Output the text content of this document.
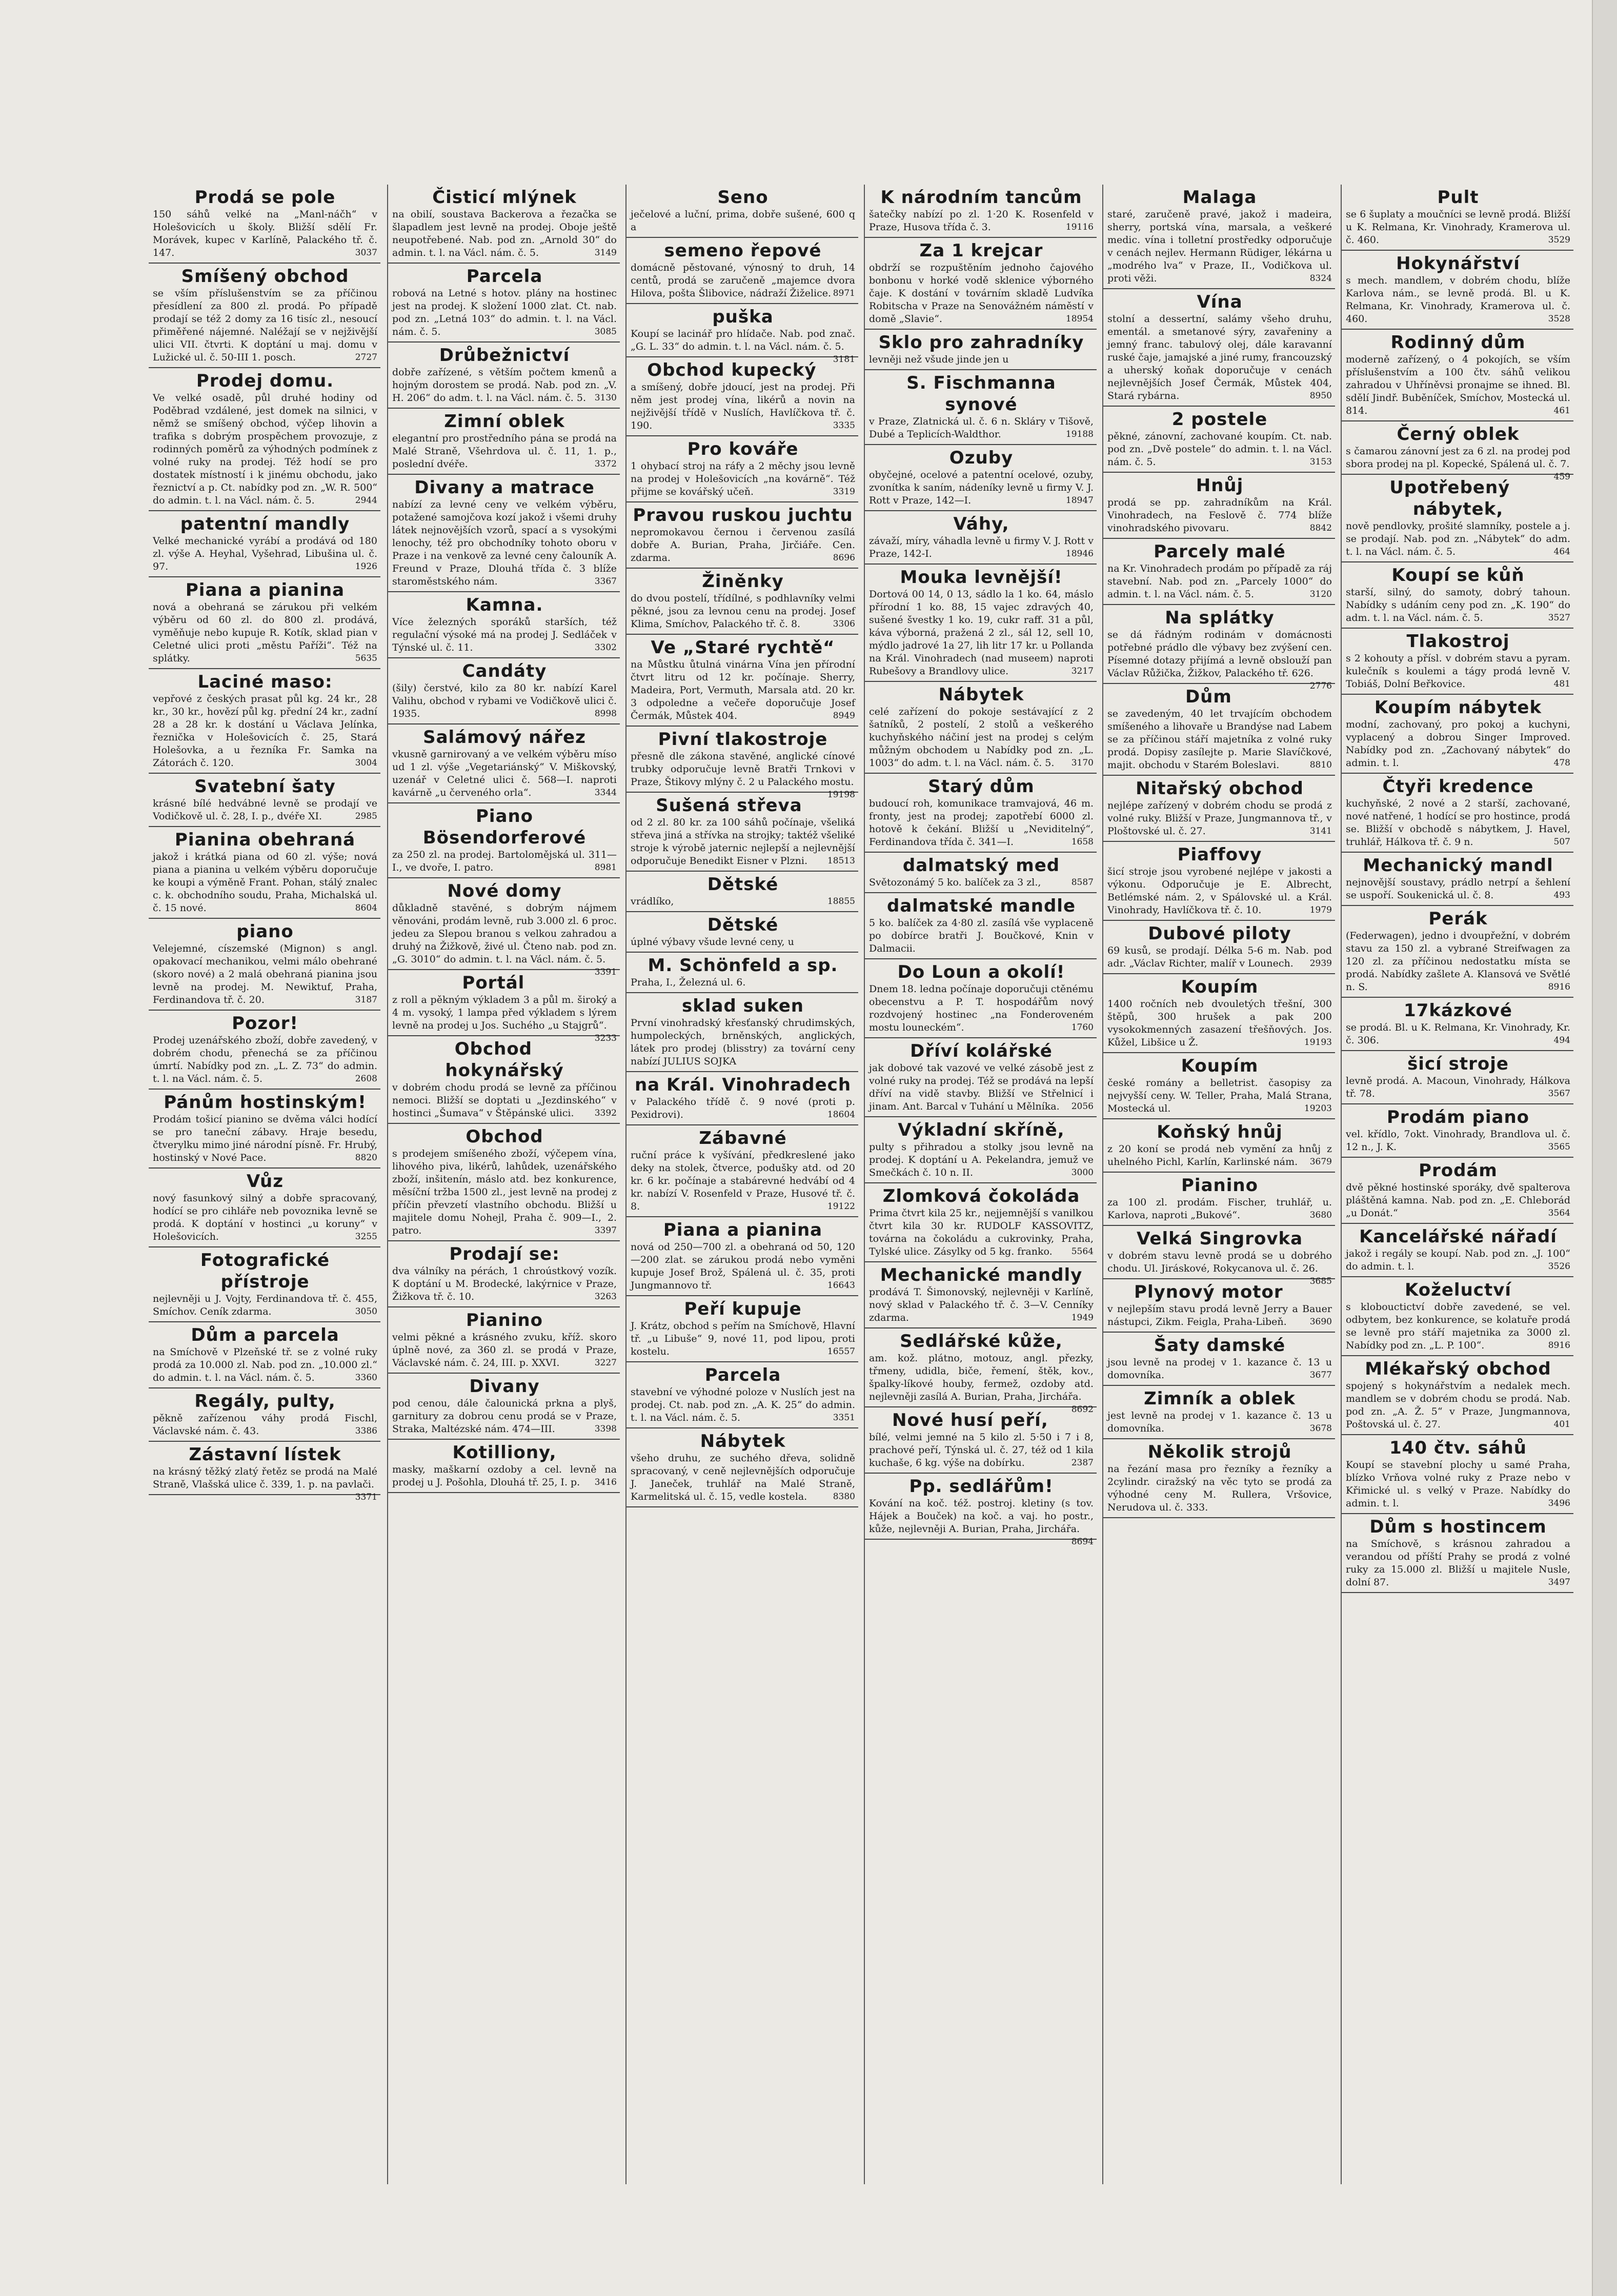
Prodá se pole

150 sáhů velké na „Manl-náčh“ v Holešovicích u školy. Bližší sdělí Fr. Morávek, kupec v Karlíně, Palackého tř. č. 147.	3037

Smíšený obchod

se vším příslušenstvím se za příčinou přesídlení za 800 zl. prodá. Po případě prodají se též 2 domy za 16 tisíc zl., nesoucí přiměřené nájemné. Naléžají se v nejživější ulici VII. čtvrti. K doptání u maj. domu v Lužické ul. č. 50-III 1. posch.	2727

Prodej domu.

Ve velké osadě, půl druhé hodiny od Poděbrad vzdálené, jest domek na silnici, v němž se smíšený obchod, výčep lihovin a trafika s dobrým prospěchem provozuje, z rodinných poměrů za výhodných podmínek z volné ruky na prodej. Též hodí se pro dostatek místností i k jinému obchodu, jako řeznictví a p. Ct. nabídky pod zn. „W. R. 500“ do admin. t. l. na Václ. nám. č. 5.	2944

patentní mandly

Velké mechanické vyrábí a prodává od 180 zl. výše A. Heyhal, Vyšehrad, Libušina ul. č. 97.	1926

Piana a pianina

nová a obehraná se zárukou při velkém výběru od 60 zl. do 800 zl. prodává, vyměňuje nebo kupuje R. Kotík, sklad pian v Celetné ulici proti „městu Paříži“. Též na splátky.	5635

Laciné maso:

vepřové z českých prasat půl kg. 24 kr., 28 kr., 30 kr., hovězí půl kg. přední 24 kr., zadní 28 a 28 kr. k dostání u Václava Jelínka, řeznička v Holešovicích č. 25, Stará Holešovka, a u řezníka Fr. Samka na Zátorách č. 120.	3004

Svatební šaty

krásné bílé hedvábné levně se prodají ve Vodičkově ul. č. 28, I. p., dvéře XI.	2985

Pianina obehraná

jakož i krátká piana od 60 zl. výše; nová piana a pianina u velkém výběru doporučuje ke koupi a výměně Frant. Pohan, stálý znalec c. k. obchodního soudu, Praha, Michalská ul. č. 15 nové.	8604

piano

Velejemné, císzemské (Mignon) s angl. opakovací mechanikou, velmi málo obehrané (skoro nové) a 2 malá obehraná pianina jsou levně na prodej. M. Newiktuf, Praha, Ferdinandova tř. č. 20.	3187

Pozor!

Prodej uzenářského zboží, dobře zavedený, v dobrém chodu, přenechá se za příčinou úmrtí. Nabídky pod zn. „L. Z. 73“ do admin. t. l. na Václ. nám. č. 5.	2608

Pánům hostinským!

Prodám tošicí pianino se dvěma válci hodící se pro taneční zábavy. Hraje besedu, čtverylku mimo jiné národní písně. Fr. Hrubý, hostinský v Nové Pace.	8820

Vůz

nový fasunkový silný a dobře spracovaný, hodící se pro cihláře neb povoznika levně se prodá. K doptání v hostinci „u koruny“ v Holešovicích.	3255

Fotografické přístroje

nejlevněji u J. Vojty, Ferdinandova tř. č. 455, Smíchov. Ceník zdarma.	3050

Dům a parcela

na Smíchově v Plzeňské tř. se z volné ruky prodá za 10.000 zl. Nab. pod zn. „10.000 zl.“ do admin. t. l. na Václ. nám. č. 5.	3360

Regály, pulty,

pěkně zařízenou váhy prodá Fischl, Václavské nám. č. 43.	3386

Zástavní lístek

na krásný těžký zlatý řetěz se prodá na Malé Straně, Vlašská ulice č. 339, 1. p. na pavlači.
3371

Čisticí mlýnek

na obilí, soustava Backerova a řezačka se šlapadlem jest levně na prodej. Oboje ještě neupotřebené. Nab. pod zn. „Arnold 30“ do admin. t. l. na Václ. nám. č. 5.	3149

Parcela

robová na Letné s hotov. plány na hostinec jest na prodej. K složení 1000 zlat. Ct. nab. pod zn. „Letná 103“ do admin. t. l. na Václ. nám. č. 5.	3085

Drůbežnictví

dobře zařízené, s větším počtem kmenů a hojným dorostem se prodá. Nab. pod zn. „V. H. 206“ do adm. t. l. na Václ. nám. č. 5. 3130

Zimní oblek

elegantní pro prostředního pána se prodá na Malé Straně, Všehrdova ul. č. 11, 1. p., poslední dvéře.	3372

Divany a matrace

nabízí za levné ceny ve velkém výběru, potažené samojčova kozí jakož i všemi druhy látek nejnovějších vzorů, spací a s vysokými lenochy, též pro obchodníky tohoto oboru v Praze i na venkově za levné ceny čalouník A. Freund v Praze, Dlouhá třída č. 3 blíže staroměstského nám.	3367

Kamna.

Více železných sporáků starších, též regulační výsoké má na prodej J. Sedláček v Týnské ul. č. 11.	3302

Candáty

(šily) čerstvé, kilo za 80 kr. nabízí Karel Valihu, obchod v rybami ve Vodičkově ulici č. 1935.	8998

Salámový nářez

vkusně garnirovaný a ve velkém výběru míso ud 1 zl. výše „Vegetariánský“ V. Miškovský, uzenář v Celetné ulici č. 568—I. naproti kavárně „u červeného orla“.	3344

Piano Bösendorferové

za 250 zl. na prodej. Bartolomějská ul. 311—I., ve dvoře, I. patro.	8981

Nové domy

důkladně stavěné, s dobrým nájmem věnováni, prodám levně, rub 3.000 zl. 6 proc. jedeu za Slepou branou s velkou zahradou a druhý na Žižkově, živé ul. Čteno nab. pod zn. „G. 3010“ do admin. t. l. na Václ. nám. č. 5.
3391

Portál

z roll a pěkným výkladem 3 a půl m. široký a 4 m. vysoký, 1 lampa před výkladem s lýrem levně na prodej u Jos. Suchého „u Stajgrů“.
3233

Obchod hokynářský

v dobrém chodu prodá se levně za příčinou nemoci. Bližší se doptati u „Jezdinského“ v hostinci „Šumava“ v Štěpánské ulici. 3392

Obchod

s prodejem smíšeného zboží, výčepem vína, lihového piva, likérů, lahůdek, uzenářského zboží, inšitenín, máslo atd. bez konkurence, měsíční tržba 1500 zl., jest levně na prodej z příčin převzetí vlastního obchodu. Bližší u majitele domu Nohejl, Praha č. 909—I., 2. patro.	3397

Prodají se:

dva válníky na pérách, 1 chroústkový vozík. K doptání u M. Brodecké, lakýrnice v Praze, Žižkova tř. č. 10.	3263

Pianino

velmi pěkné a krásného zvuku, kříž. skoro úplně nové, za 360 zl. se prodá v Praze, Václavské nám. č. 24, III. p. XXVI.	3227

Divany

pod cenou, dále čalounická prkna a plyš, garnitury za dobrou cenu prodá se v Praze, Straka, Maltézské nám. 474—III.	3398

Kotilliony,

masky, maškarní ozdoby a cel. levně na prodej u J. Pošohla, Dlouhá tř. 25, I. p. 3416

Seno

ječelové a luční, prima, dobře sušené, 600 q a

semeno řepové

domácně pěstované, výnosný to druh, 14 centů, prodá se zaručeně „majemce dvora Hilova, pošta Šlibovice, nádraží Žiželice. 8971

puška

Koupí se lacinář pro hlídače. Nab. pod znač. „G. L. 33“ do admin. t. l. na Václ. nám. č. 5.
3181

Obchod kupecký

a smíšený, dobře jdoucí, jest na prodej. Při něm jest prodej vína, likérů a novin na nejživější třídě v Nuslích, Havlíčkova tř. č. 190.	3335

Pro kováře

1 ohybací stroj na ráfy a 2 měchy jsou levně na prodej v Holešovicích „na kovárně“. Též přijme se kovářský učeň.	3319

Pravou ruskou juchtu

nepromokavou černou i červenou zasílá dobře A. Burian, Praha, Jirčiáře. Cen. zdarma.	8696

Žiněnky

do dvou postelí, třídílné, s podhlavníky velmi pěkné, jsou za levnou cenu na prodej. Josef Klima, Smíchov, Palackého tř. č. 8.	3306

Ve „Staré rychtě“

na Můstku ůtulná vinárna Vína jen přírodní čtvrt litru od 12 kr. počínaje. Sherry, Madeira, Port, Vermuth, Marsala atd. 20 kr. 3 odpoledne a večeře doporučuje Josef Čermák, Můstek 404.	8949

Pivní tlakostroje

přesně dle zákona stavěné, anglické cínové trubky odporučuje levně Bratři Trnkovi v Praze, Štikovy mlýny č. 2 u Palackého mostu.
19198

Sušená střeva

od 2 zl. 80 kr. za 100 sáhů počínaje, všeliká střeva jiná a střívka na strojky; taktéž všeliké stroje k výrobě jaternic nejlepší a nejlevnější odporučuje Benedikt Eisner v Plzni. 18513

Dětské

vrádlíko,	18855

Dětské

úplné výbavy všude levné ceny, u

M. Schönfeld a sp.

Praha, I., Železná ul. 6.

sklad suken

První vinohradský křesťanský chrudimských, humpoleckých, brněnských, anglických, látek pro prodej (blisstry) za tovární ceny nabízí JULIUS SOJKA

na Král. Vinohradech

v Palackého třídě č. 9 nové (proti p. Pexidrovi).	18604

Zábavné

ruční práce k vyšívání, předkreslené jako deky na stolek, čtverce, podušky atd. od 20 kr. 6 kr. počínaje a stabárevné hedvábí od 4 kr. nabízí V. Rosenfeld v Praze, Husové tř. č. 8.	19122

Piana a pianina

nová od 250—700 zl. a obehraná od 50, 120—200 zlat. se zárukou prodá nebo vyměni kupuje Josef Brož, Spálená ul. č. 35, proti Jungmannovo tř.	16643

Peří kupuje

J. Krátz, obchod s peřím na Smíchově, Hlavní tř. „u Libuše“ 9, nové 11, pod lipou, proti kostelu.	16557

Parcela

stavební ve výhodné poloze v Nuslích jest na prodej. Ct. nab. pod zn. „A. K. 25“ do admin. t. l. na Václ. nám. č. 5.	3351

Nábytek

všeho druhu, ze suchého dřeva, solidně spracovaný, v ceně nejlevnějších odporučuje J. Janeček, truhlář na Malé Straně, Karmelitská ul. č. 15, vedle kostela.	8380

K národním tancům

šatečky nabízí po zl. 1·20 K. Rosenfeld v Praze, Husova třída č. 3.	19116

Za 1 krejcar

obdrží se rozpuštěním jednoho čajového bonbonu v horké vodě sklenice výborného čaje. K dostání v továrním skladě Ludvíka Robitscha v Praze na Senovážném náměstí v domě „Slavie“.	18954

Sklo pro zahradníky

levněji než všude jinde jen u

S. Fischmanna synové

v Praze, Zlatnická ul. č. 6 n. Skláry v Tišově, Dubé a Teplicích-Waldthor.	19188

Ozuby

obyčejné, ocelové a patentní ocelové, ozuby, zvonítka k saním, nádeníky levně u firmy V. J. Rott v Praze, 142—I.	18947

Váhy,

závaží, míry, váhadla levně u firmy V. J. Rott v Praze, 142-I.	18946

Mouka levnější!

Dortová 00 14, 0 13, sádlo la 1 ko. 64, máslo přírodní 1 ko. 88, 15 vajec zdravých 40, sušené švestky 1 ko. 19, cukr raff. 31 a půl, káva výborná, pražená 2 zl., sál 12, sell 10, mýdlo jadrové 1a 27, lih litr 17 kr. u Pollanda na Král. Vinohradech (nad museem) naproti Rubešovy a Brandlovy ulice.	3217

Nábytek

celé zařízení do pokoje sestávající z 2 šatníků, 2 postelí, 2 stolů a veškerého kuchyňského náčiní jest na prodej s celým můžným obchodem u Nabídky pod zn. „L. 1003“ do adm. t. l. na Václ. nám. č. 5. 3170

Starý dům

budoucí roh, komunikace tramvajová, 46 m. fronty, jest na prodej; zapotřebí 6000 zl. hotově k čekání. Bližší u „Neviditelný“, Ferdinandova třída č. 341—I.	1658

dalmatský med

Světozonámý 5 ko. balíček za 3 zl.,	8587

dalmatské mandle

5 ko. balíček za 4·80 zl. zasílá vše vyplaceně po dobírce bratři J. Boučkové, Knin v Dalmacii.

Do Loun a okolí!

Dnem 18. ledna počínaje doporučuji ctěnému obecenstvu a P. T. hospodářům nový rozdvojený hostinec „na Fonderoveném mostu louneckém“.	1760

Dříví kolářské

jak dobové tak vazové ve velké zásobě jest z volné ruky na prodej. Též se prodává na lepší dříví na vidě stavby. Bližší ve Střelnicí i jinam. Ant. Barcal v Tuhání u Mělníka. 2056

Výkladní skříně,

pulty s přihradou a stolky jsou levně na prodej. K doptání u A. Pekelandra, jemuž ve Smečkách č. 10 n. II.	3000

Zlomková čokoláda

Prima čtvrt kila 25 kr., nejjemnější s vanilkou čtvrt kila 30 kr. RUDOLF KASSOVITZ, továrna na čokoládu a cukrovinky, Praha, Tylské ulice. Zásylky od 5 kg. franko. 5564

Mechanické mandly

prodává T. Šimonovský, nejlevněji v Karlíně, nový sklad v Palackého tř. č. 3—V. Cenníky zdarma.	1949

Sedlářské kůže,

am. kož. plátno, motouz, angl. přezky, třmeny, udidla, biče, řemení, štěk, kov., špalky-líkové houby, fermež, ozdoby atd. nejlevněji zasílá A. Burian, Praha, Jirchářa.
8692

Nové husí peří,

bílé, velmi jemné na 5 kilo zl. 5·50 i 7 i 8, prachové peří, Týnská ul. č. 27, též od 1 kila kuchaše, 6 kg. výše na dobírku.	2387

Pp. sedlářům!

Kování na koč. též. postroj. kletiny (s tov. Hájek a Bouček) na koč. a vaj. ho postr., kůže, nejlevněji A. Burian, Praha, Jirchářa.
8694

Malaga

staré, zaručeně pravé, jakož i madeira, sherry, portská vína, marsala, a veškeré medic. vína i tolletní prostředky odporučuje v cenách nejlev. Hermann Rüdiger, lékárna u „modrého lva“ v Praze, II., Vodičkova ul. proti věži.	8324

Vína

stolní a dessertní, salámy všeho druhu, ementál. a smetanové sýry, zavařeniny a jemný franc. tabulový olej, dále karavanní ruské čaje, jamajské a jiné rumy, francouzský a uherský koňak doporučuje v cenách nejlevnějších Josef Čermák, Můstek 404, Stará rybárna.	8950

2 postele

pěkné, zánovní, zachované koupím. Ct. nab. pod zn. „Dvě postele“ do admin. t. l. na Václ. nám. č. 5.	3153

Hnůj

prodá se pp. zahradníkům na Král. Vinohradech, na Feslově č. 774 blíže vinohradského pivovaru.	8842

Parcely malé

na Kr. Vinohradech prodám po případě za ráj stavební. Nab. pod zn. „Parcely 1000“ do admin. t. l. na Václ. nám. č. 5.	3120

Na splátky

se dá řádným rodinám v domácnosti potřebné prádlo dle výbavy bez zvýšení cen. Písemné dotazy přijímá a levně obslouží pan Václav Růžička, Žižkov, Palackého tř. 626.
2776

Dům

se zavedeným, 40 let trvajícím obchodem smíšeného a lihovaře u Brandýse nad Labem se za příčinou stáří majetníka z volné ruky prodá. Dopisy zasílejte p. Marie Slavíčkové, majit. obchodu v Starém Boleslavi.	8810

Nitařský obchod

nejlépe zařízený v dobrém chodu se prodá z volné ruky. Bližší v Praze, Jungmannova tř., v Ploštovské ul. č. 27.	3141

Piaffovy

šicí stroje jsou vyrobené nejlépe v jakosti a výkonu. Odporučuje je E. Albrecht, Betlémské nám. 2, v Spálovské ul. a Král. Vinohrady, Havlíčkova tř. č. 10.	1979

Dubové piloty

69 kusů, se prodají. Délka 5-6 m. Nab. pod adr. „Václav Richter, malíř v Lounech. 2939

Koupím

1400 ročních neb dvouletých třešní, 300 štěpů, 300 hrušek a pak 200 vysokokmenných zasazení třešňových. Jos. Kůžel, Libšice u Ž.	19193

Koupím

české romány a belletrist. časopisy za nejvyšší ceny. W. Teller, Praha, Malá Strana, Mostecká ul.	19203

Koňský hnůj

z 20 koní se prodá neb vymění za hnůj z uhelného Pichl, Karlín, Karlinské nám. 3679

Pianino

za 100 zl. prodám. Fischer, truhlář, u. Karlova, naproti „Bukové“.	3680

Velká Singrovka

v dobrém stavu levně prodá se u dobrého chodu. Ul. Jiráskové, Rokycanova ul. č. 26.
3685

Plynový motor

v nejlepším stavu prodá levně Jerry a Bauer nástupci, Zikm. Feigla, Praha-Libeň.	3690

Šaty damské

jsou levně na prodej v 1. kazance č. 13 u domovníka.	3677

Zimník a oblek

jest levně na prodej v 1. kazance č. 13 u domovníka.	3678

Několik strojů

na řezání masa pro řezníky a řezníky a 2cylindr. ciražský na věc tyto se prodá za výhodné ceny M. Rullera, Vršovice, Nerudova ul. č. 333.

Pult

se 6 šuplaty a moučníci se levně prodá. Bližší u K. Relmana, Kr. Vinohrady, Kramerova ul. č. 460.	3529

Hokynářství

s mech. mandlem, v dobrém chodu, blíže Karlova nám., se levně prodá. Bl. u K. Relmana, Kr. Vinohrady, Kramerova ul. č. 460.	3528

Rodinný dům

moderně zařízený, o 4 pokojích, se vším příslušenstvím a 100 čtv. sáhů velikou zahradou v Uhříněvsi pronajme se ihned. Bl. sdělí Jindř. Buběníček, Smíchov, Mostecká ul. 814.	461

Černý oblek

s čamarou zánovní jest za 6 zl. na prodej pod sbora prodej na pl. Kopecké, Spálená ul. č. 7.
459

Upotřebený nábytek,

nově pendlovky, prošité slamníky, postele a j. se prodají. Nab. pod zn. „Nábytek“ do adm. t. l. na Václ. nám. č. 5.	464

Koupí se kůň

starší, silný, do samoty, dobrý tahoun. Nabídky s udáním ceny pod zn. „K. 190“ do adm. t. l. na Václ. nám. č. 5.	3527

Tlakostroj

s 2 kohouty a přísl. v dobrém stavu a pyram. kulečník s koulemi a tágy prodá levně V. Tobiáš, Dolní Beřkovice.	481

Koupím nábytek

modní, zachovaný, pro pokoj a kuchyni, vyplacený a dobrou Singer Improved. Nabídky pod zn. „Zachovaný nábytek“ do admin. t. l.	478

Čtyři kredence

kuchyňské, 2 nové a 2 starší, zachované, nové natřené, 1 hodící se pro hostince, prodá se. Bližší v obchodě s nábytkem, J. Havel, truhlář, Hálkova tř. č. 9 n.	507

Mechanický mandl

nejnovější soustavy, prádlo netrpí a šehlení se uspoří. Soukenická ul. č. 8.	493

Perák

(Federwagen), jedno i dvoupřežní, v dobrém stavu za 150 zl. a vybrané Streifwagen za 120 zl. za příčinou nedostatku místa se prodá. Nabídky zašlete A. Klansová ve Světlé n. S.	8916

17kázkové

se prodá. Bl. u K. Relmana, Kr. Vinohrady, Kr. č. 306.	494

šicí stroje

levně prodá. A. Macoun, Vinohrady, Hálkova tř. 78.	3567

Prodám piano

vel. křídlo, 7okt. Vinohrady, Brandlova ul. č. 12 n., J. K.	3565

Prodám

dvě pěkné hostinské sporáky, dvě spalterova pláštěná kamna. Nab. pod zn. „E. Chleborád „u Donát.“	3564

Kancelářské nářadí

jakož i regály se koupí. Nab. pod zn. „J. 100“ do admin. t. l.	3526

Koželuctví

s klobouctictví dobře zavedené, se vel. odbytem, bez konkurence, se kolatuře prodá se levně pro stáří majetnika za 3000 zl. Nabídky pod zn. „L. P. 100“.	8916

Mlékařský obchod

spojený s hokynářstvím a nedalek mech. mandlem se v dobrém chodu se prodá. Nab. pod zn. „A. Ž. 5“ v Praze, Jungmannova, Poštovská ul. č. 27.	401

140 čtv. sáhů

Koupí se stavební plochy u samé Praha, blízko Vrňova volné ruky z Praze nebo v Křimické ul. s velký v Praze. Nabídky do admin. t. l.	3496

Dům s hostincem

na Smíchově, s krásnou zahradou a verandou od příští Prahy se prodá z volné ruky za 15.000 zl. Bližší u majitele Nusle, dolní 87.	3497
